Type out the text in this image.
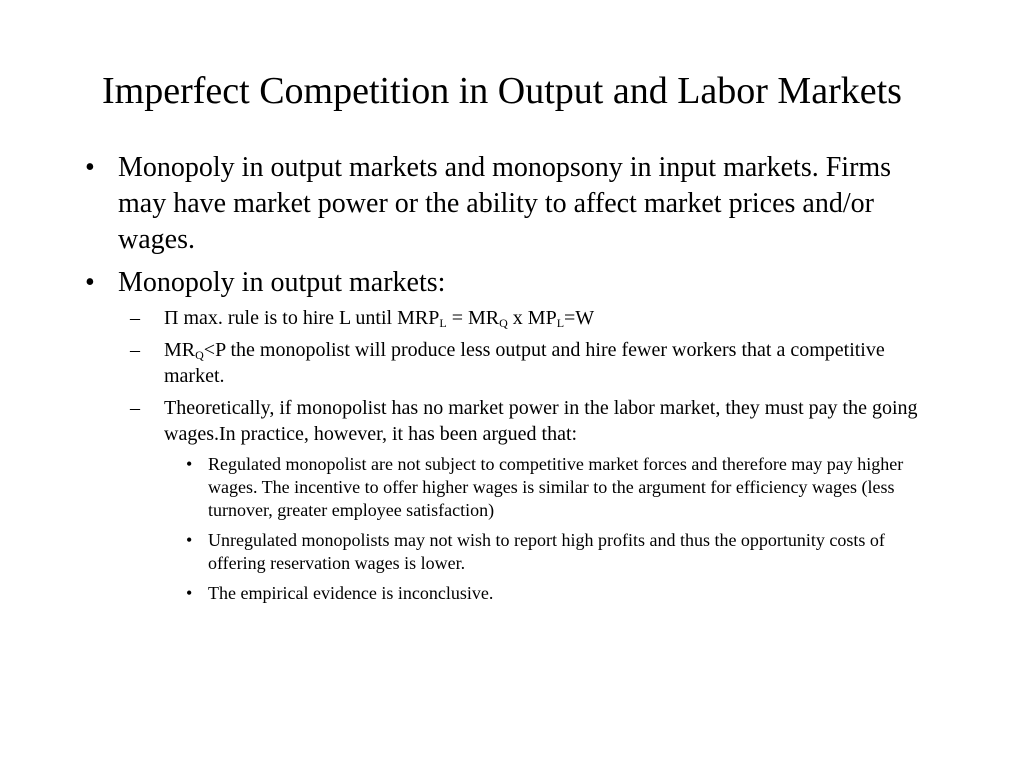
Imperfect Competition in Output and Labor Markets
• Monopoly in output markets and monopsony in input markets. Firms may have market power or the ability to affect market prices and/or wages.
• Monopoly in output markets:
– Π max. rule is to hire L until $MRP_L = MR_Q$ x $MP_L=W$
– $MR_Q<P$ the monopolist will produce less output and hire fewer workers that a competitive market.
– Theoretically, if monopolist has no market power in the labor market, they must pay the going wages.In practice, however, it has been argued that:
• Regulated monopolist are not subject to competitive market forces and therefore may pay higher wages. The incentive to offer higher wages is similar to the argument for efficiency wages (less turnover, greater employee satisfaction)
• Unregulated monopolists may not wish to report high profits and thus the opportunity costs of offering reservation wages is lower.
• The empirical evidence is inconclusive.
